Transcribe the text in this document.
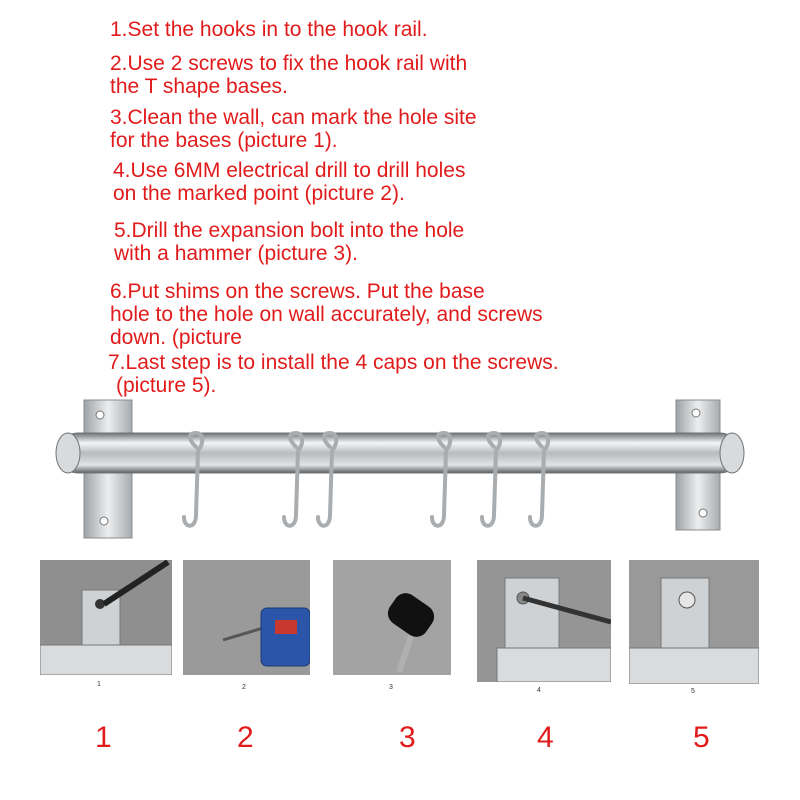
1.Set the hooks in to the hook rail.

2.Use 2 screws to fix the hook rail with
the T shape bases.

3.Clean the wall, can mark the hole site
for the bases (picture 1).

4.Use 6MM electrical drill to drill holes
on the marked point (picture 2).

5.Drill the expansion bolt into the hole
with a hammer (picture 3).

6.Put shims on the screws. Put the base
hole to the hole on wall accurately, and screws
down. (picture

7.Last step is to install the 4 caps on the screws.
(picture 5).

1	2	3	4	5
1	2	3	4	5
